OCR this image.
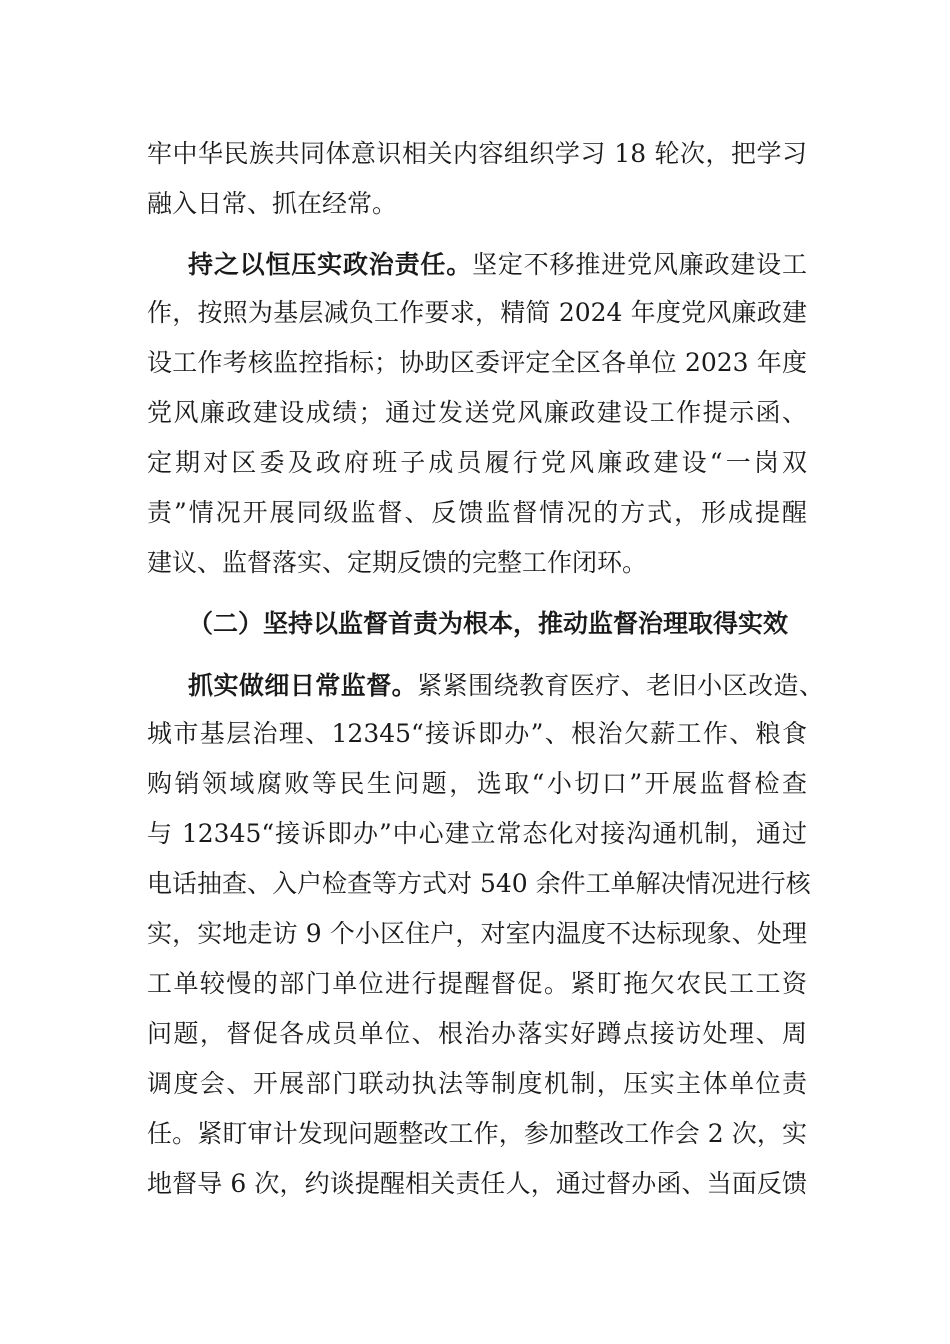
牢中华民族共同体意识相关内容组织学习 18 轮次，把学习
融入日常、抓在经常。
持之以恒压实政治责任。坚定不移推进党风廉政建设工
作，按照为基层减负工作要求，精简 2024 年度党风廉政建
设工作考核监控指标；协助区委评定全区各单位 2023 年度
党风廉政建设成绩；通过发送党风廉政建设工作提示函、
定期对区委及政府班子成员履行党风廉政建设“一岗双
责”情况开展同级监督、反馈监督情况的方式，形成提醒
建议、监督落实、定期反馈的完整工作闭环。
（二）坚持以监督首责为根本，推动监督治理取得实效
抓实做细日常监督。紧紧围绕教育医疗、老旧小区改造、
城市基层治理、12345“接诉即办”、根治欠薪工作、粮食
购销领域腐败等民生问题，选取“小切口”开展监督检查
与 12345“接诉即办”中心建立常态化对接沟通机制，通过
电话抽查、入户检查等方式对 540 余件工单解决情况进行核
实，实地走访 9 个小区住户，对室内温度不达标现象、处理
工单较慢的部门单位进行提醒督促。紧盯拖欠农民工工资
问题，督促各成员单位、根治办落实好蹲点接访处理、周
调度会、开展部门联动执法等制度机制，压实主体单位责
任。紧盯审计发现问题整改工作，参加整改工作会 2 次，实
地督导 6 次，约谈提醒相关责任人，通过督办函、当面反馈
